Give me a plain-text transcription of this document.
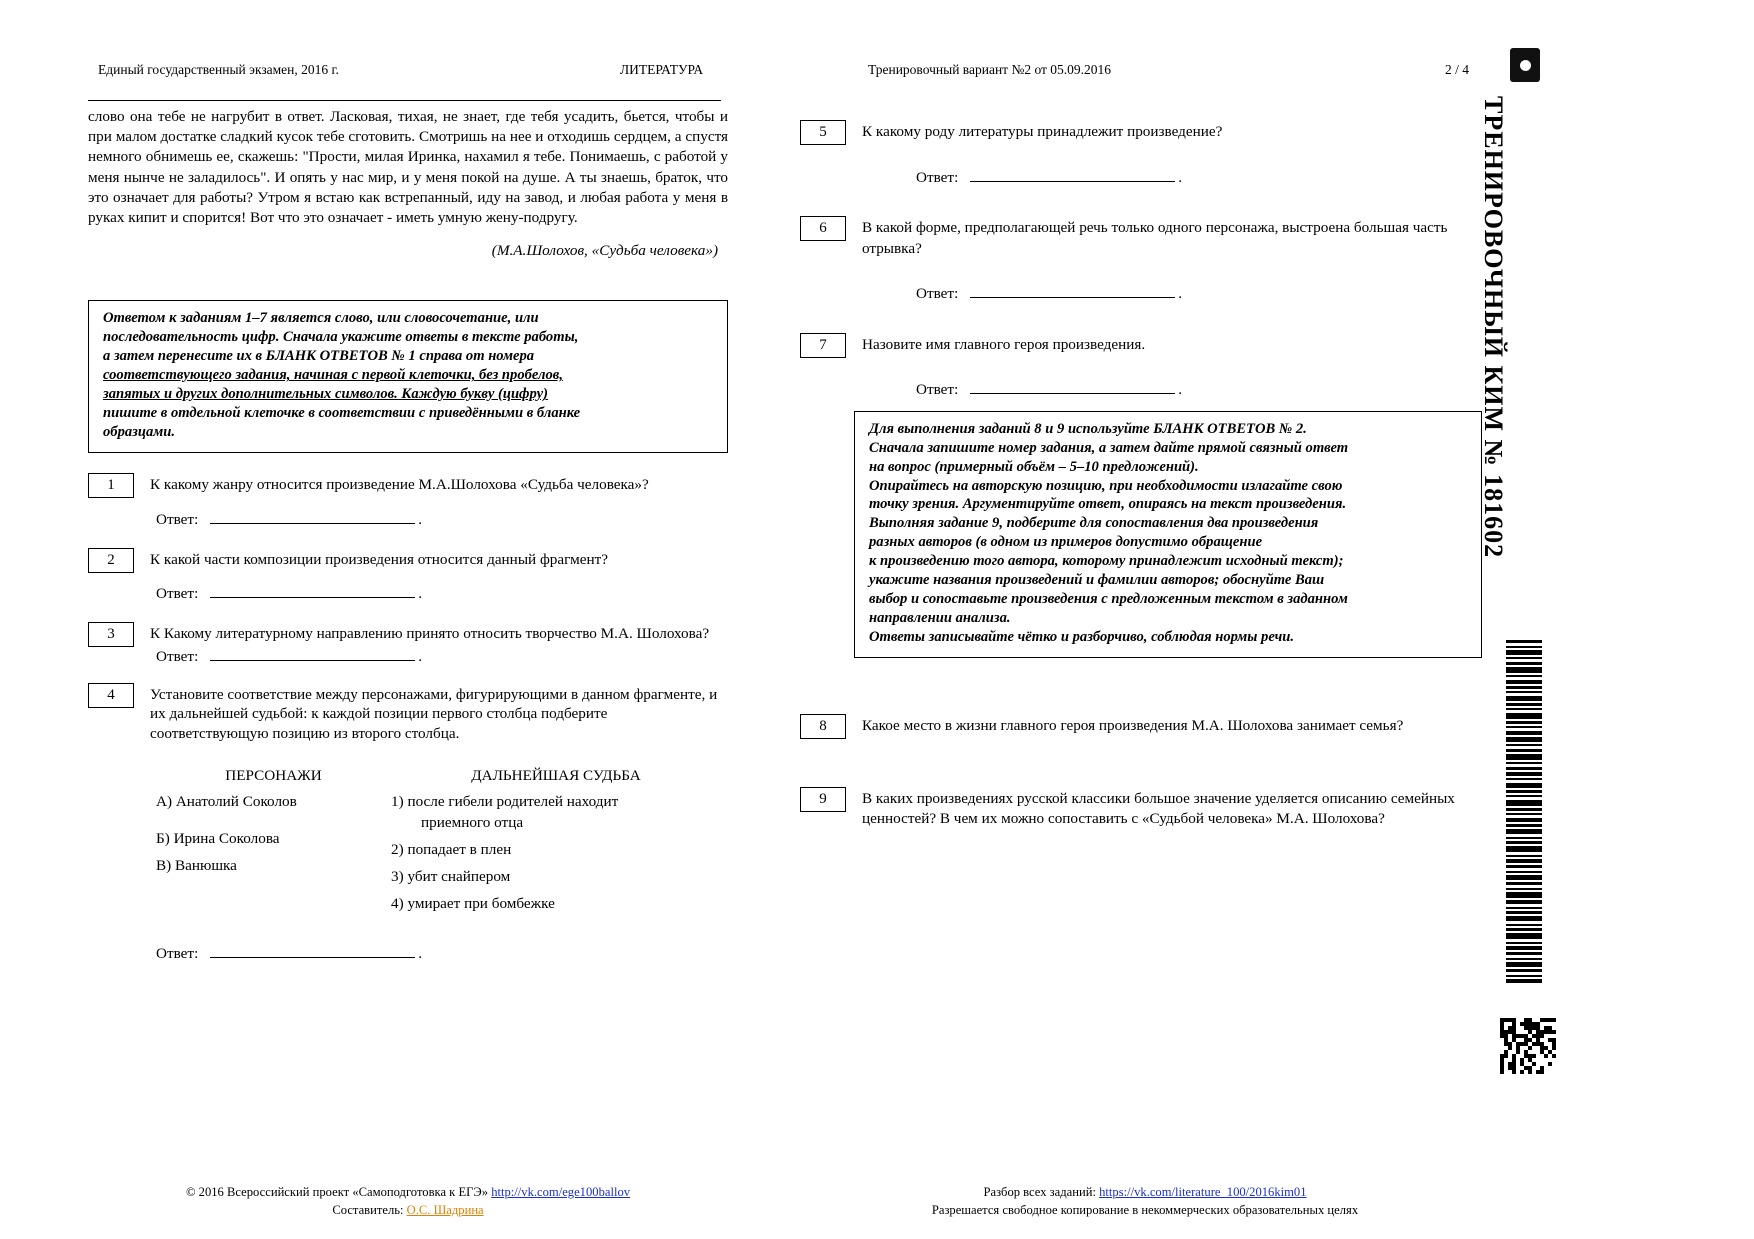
Единый государственный экзамен, 2016 г.	ЛИТЕРАТУРА	Тренировочный вариант №2 от 05.09.2016	2 / 4

слово она тебе не нагрубит в ответ. Ласковая, тихая, не знает, где тебя усадить, бьется, чтобы и при малом достатке сладкий кусок тебе сготовить. Смотришь на нее и отходишь сердцем, а спустя немного обнимешь ее, скажешь: "Прости, милая Иринка, нахамил я тебе. Понимаешь, с работой у меня нынче не заладилось". И опять у нас мир, и у меня покой на душе. А ты знаешь, браток, что это означает для работы? Утром я встаю как встрепанный, иду на завод, и любая работа у меня в руках кипит и спорится! Вот что это означает - иметь умную жену-подругу.

(М.А.Шолохов, «Судьба человека»)

Ответом к заданиям 1–7 является слово, или словосочетание, или

последовательность цифр. Сначала укажите ответы в тексте работы,

а затем перенесите их в БЛАНК ОТВЕТОВ № 1 справа от номера

соответствующего задания, начиная с первой клеточки, без пробелов,

запятых и других дополнительных символов. Каждую букву (цифру)

пишите в отдельной клеточке в соответствии с приведёнными в бланке

образцами.

1	К какому жанру относится произведение М.А.Шолохова «Судьба человека»?
Ответ:	.
2	К какой части композиции произведения относится данный фрагмент?
Ответ:	.
3	К Какому литературному направлению принято относить творчество М.А. Шолохова?
Ответ:	.
4	Установите соответствие между персонажами, фигурирующими в данном фрагменте, и их дальнейшей судьбой: к каждой позиции первого столбца подберите соответствующую позицию из второго столбца.
ПЕРСОНАЖИ
А) Анатолий Соколов
Б) Ирина Соколова
В) Ванюшка
ДАЛЬНЕЙШАЯ СУДЬБА
1) после гибели родителей находит
приемного отца
2) попадает в плен
3) убит снайпером
4) умирает при бомбежке
Ответ:	.
5	К какому роду литературы принадлежит произведение?
Ответ:	.
6	В какой форме, предполагающей речь только одного персонажа, выстроена большая часть отрывка?
Ответ:	.
7	Назовите имя главного героя произведения.
Ответ:	.

Для выполнения заданий 8 и 9 используйте БЛАНК ОТВЕТОВ № 2.

Сначала запишите номер задания, а затем дайте прямой связный ответ

на вопрос (примерный объём – 5–10 предложений).

Опирайтесь на авторскую позицию, при необходимости излагайте свою

точку зрения. Аргументируйте ответ, опираясь на текст произведения.

Выполняя задание 9, подберите для сопоставления два произведения

разных авторов (в одном из примеров допустимо обращение

к произведению того автора, которому принадлежит исходный текст);

укажите названия произведений и фамилии авторов; обоснуйте Ваш

выбор и сопоставьте произведения с предложенным текстом в заданном

направлении анализа.

Ответы записывайте чётко и разборчиво, соблюдая нормы речи.

8	Какое место в жизни главного героя произведения М.А. Шолохова занимает семья?
9	В каких произведениях русской классики большое значение уделяется описанию семейных ценностей? В чем их можно сопоставить с «Судьбой человека» М.А. Шолохова?
ТРЕНИРОВОЧНЫЙ КИМ № 181602
© 2016 Всероссийский проект «Самоподготовка к ЕГЭ» http://vk.com/ege100ballov
Составитель: О.С. Шадрина
Разбор всех заданий: https://vk.com/literature_100/2016kim01
Разрешается свободное копирование в некоммерческих образовательных целях
